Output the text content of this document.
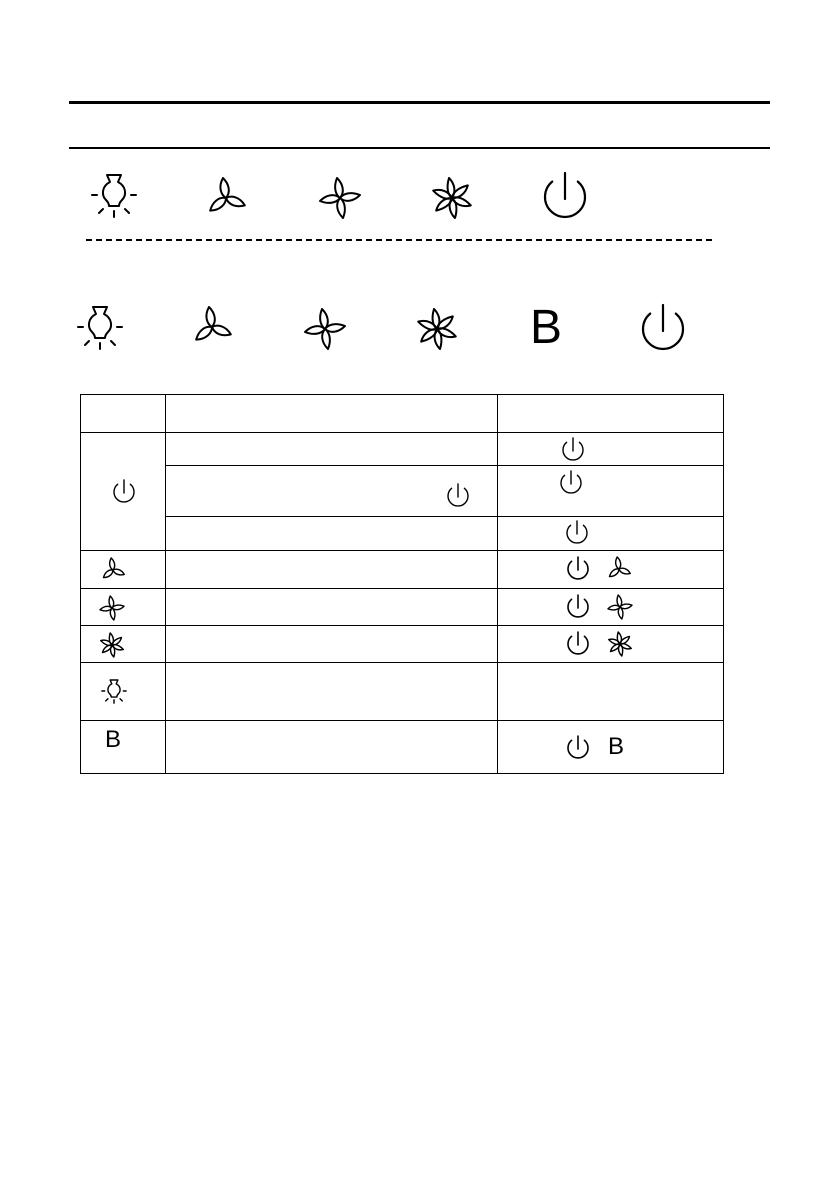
B

B		B
